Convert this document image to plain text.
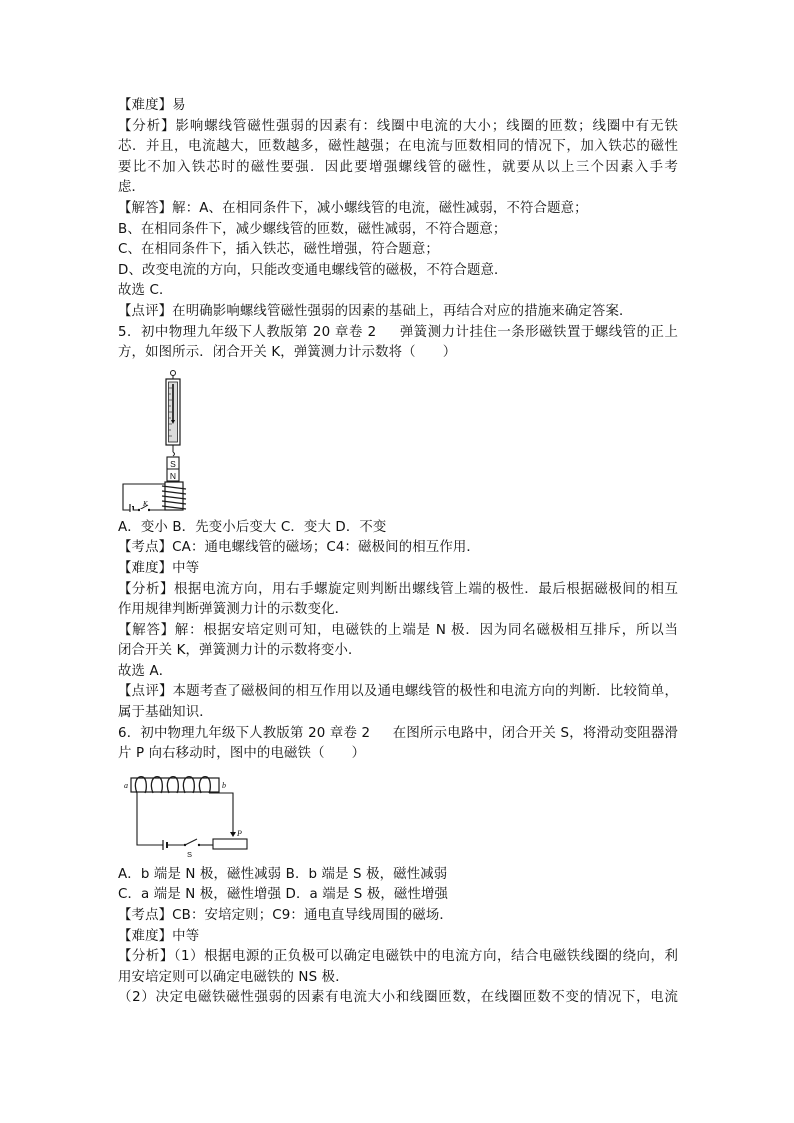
【难度】易
【分析】影响螺线管磁性强弱的因素有：线圈中电流的大小；线圈的匝数；线圈中有无铁
芯．并且，电流越大，匝数越多，磁性越强；在电流与匝数相同的情况下，加入铁芯的磁性
要比不加入铁芯时的磁性要强．因此要增强螺线管的磁性，就要从以上三个因素入手考
虑．
【解答】解：A、在相同条件下，减小螺线管的电流，磁性减弱，不符合题意；
B、在相同条件下，减少螺线管的匝数，磁性减弱，不符合题意；
C、在相同条件下，插入铁芯，磁性增强，符合题意；
D、改变电流的方向，只能改变通电螺线管的磁极，不符合题意．
故选 C．
【点评】在明确影响螺线管磁性强弱的因素的基础上，再结合对应的措施来确定答案．
5．初中物理九年级下人教版第 20 章卷 2 　 弹簧测力计挂住一条形磁铁置于螺线管的正上
方，如图所示．闭合开关 K，弹簧测力计示数将（　　）
S
N
K
A．变小 B．先变小后变大 C．变大 D．不变
【考点】CA：通电螺线管的磁场；C4：磁极间的相互作用．
【难度】中等
【分析】根据电流方向，用右手螺旋定则判断出螺线管上端的极性．最后根据磁极间的相互
作用规律判断弹簧测力计的示数变化．
【解答】解：根据安培定则可知，电磁铁的上端是 N 极．因为同名磁极相互排斥，所以当
闭合开关 K，弹簧测力计的示数将变小．
故选 A．
【点评】本题考查了磁极间的相互作用以及通电螺线管的极性和电流方向的判断．比较简单，
属于基础知识．
6．初中物理九年级下人教版第 20 章卷 2 　 在图所示电路中，闭合开关 S，将滑动变阻器滑
片 P 向右移动时，图中的电磁铁（　　）
a	b
P
S
A．b 端是 N 极，磁性减弱 B．b 端是 S 极，磁性减弱
C．a 端是 N 极，磁性增强 D．a 端是 S 极，磁性增强
【考点】CB：安培定则；C9：通电直导线周围的磁场．
【难度】中等
【分析】（1）根据电源的正负极可以确定电磁铁中的电流方向，结合电磁铁线圈的绕向，利
用安培定则可以确定电磁铁的 NS 极．
（2）决定电磁铁磁性强弱的因素有电流大小和线圈匝数，在线圈匝数不变的情况下，电流
